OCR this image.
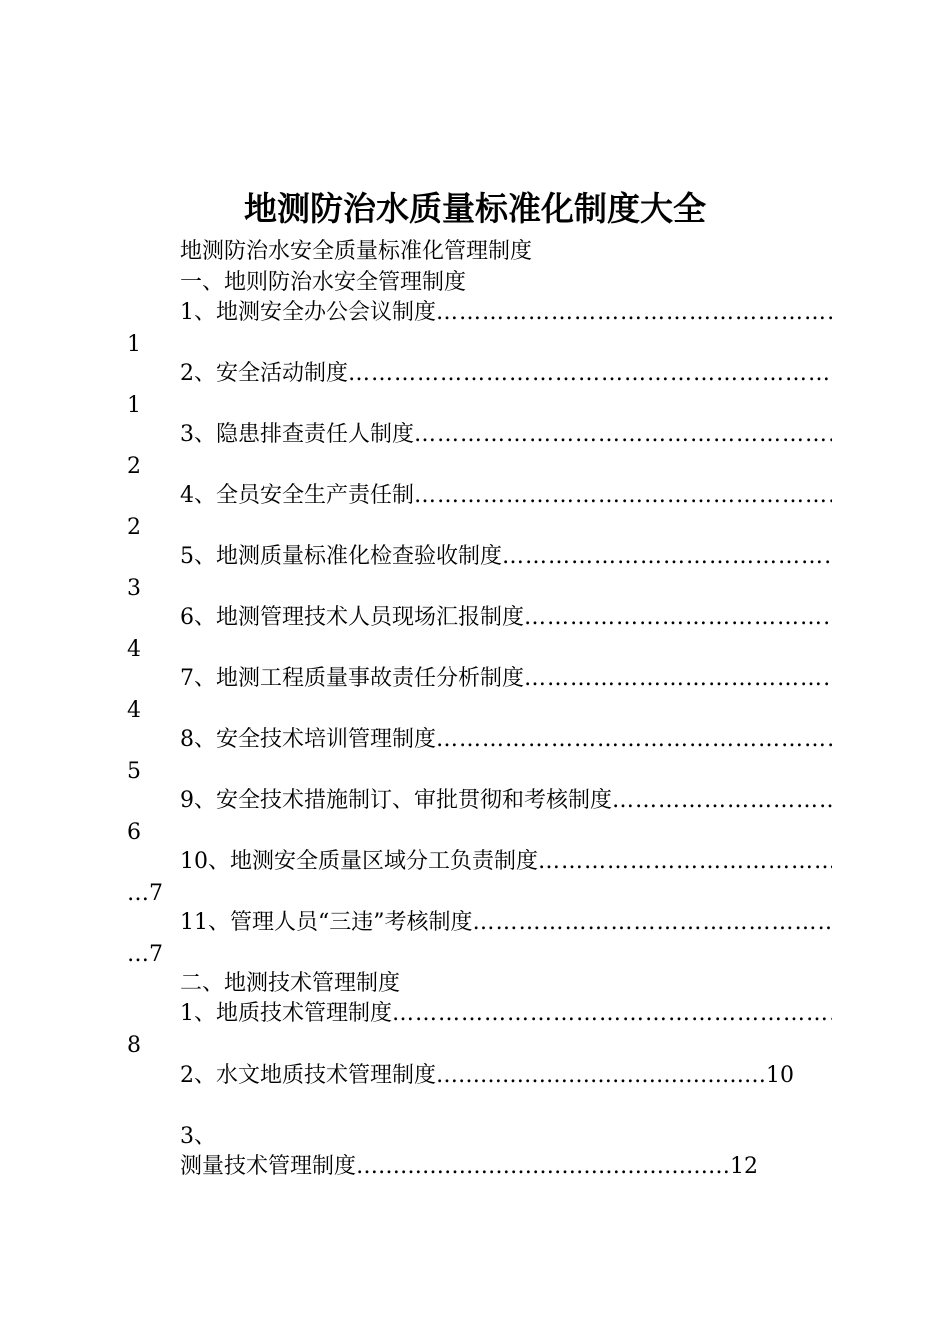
地测防治水质量标准化制度大全
地测防治水安全质量标准化管理制度
一、地则防治水安全管理制度
1、地测安全办公会议制度 ……………………………………………………………………………………………………………………………………………
1
2、安全活动制度 ……………………………………………………………………………………………………………………………………………
1
3、隐患排查责任人制度 ……………………………………………………………………………………………………………………………………………
2
4、全员安全生产责任制 ……………………………………………………………………………………………………………………………………………
2
5、地测质量标准化检查验收制度 ……………………………………………………………………………………………………………………………………………
3
6、地测管理技术人员现场汇报制度 ……………………………………………………………………………………………………………………………………………
4
7、地测工程质量事故责任分析制度 ……………………………………………………………………………………………………………………………………………
4
8、安全技术培训管理制度 ……………………………………………………………………………………………………………………………………………
5
9、安全技术措施制订、审批贯彻和考核制度 ……………………………………………………………………………………………………………………………………………
6
10、地测安全质量区域分工负责制度 ……………………………………………………………………………………………………………………………………………
…7
11、管理人员“三违”考核制度 ……………………………………………………………………………………………………………………………………………
…7
二、地测技术管理制度
1、地质技术管理制度 ……………………………………………………………………………………………………………………………………………
8
2、水文地质技术管理制度………………………………………10
3、
测量技术管理制度……………………………………………12
